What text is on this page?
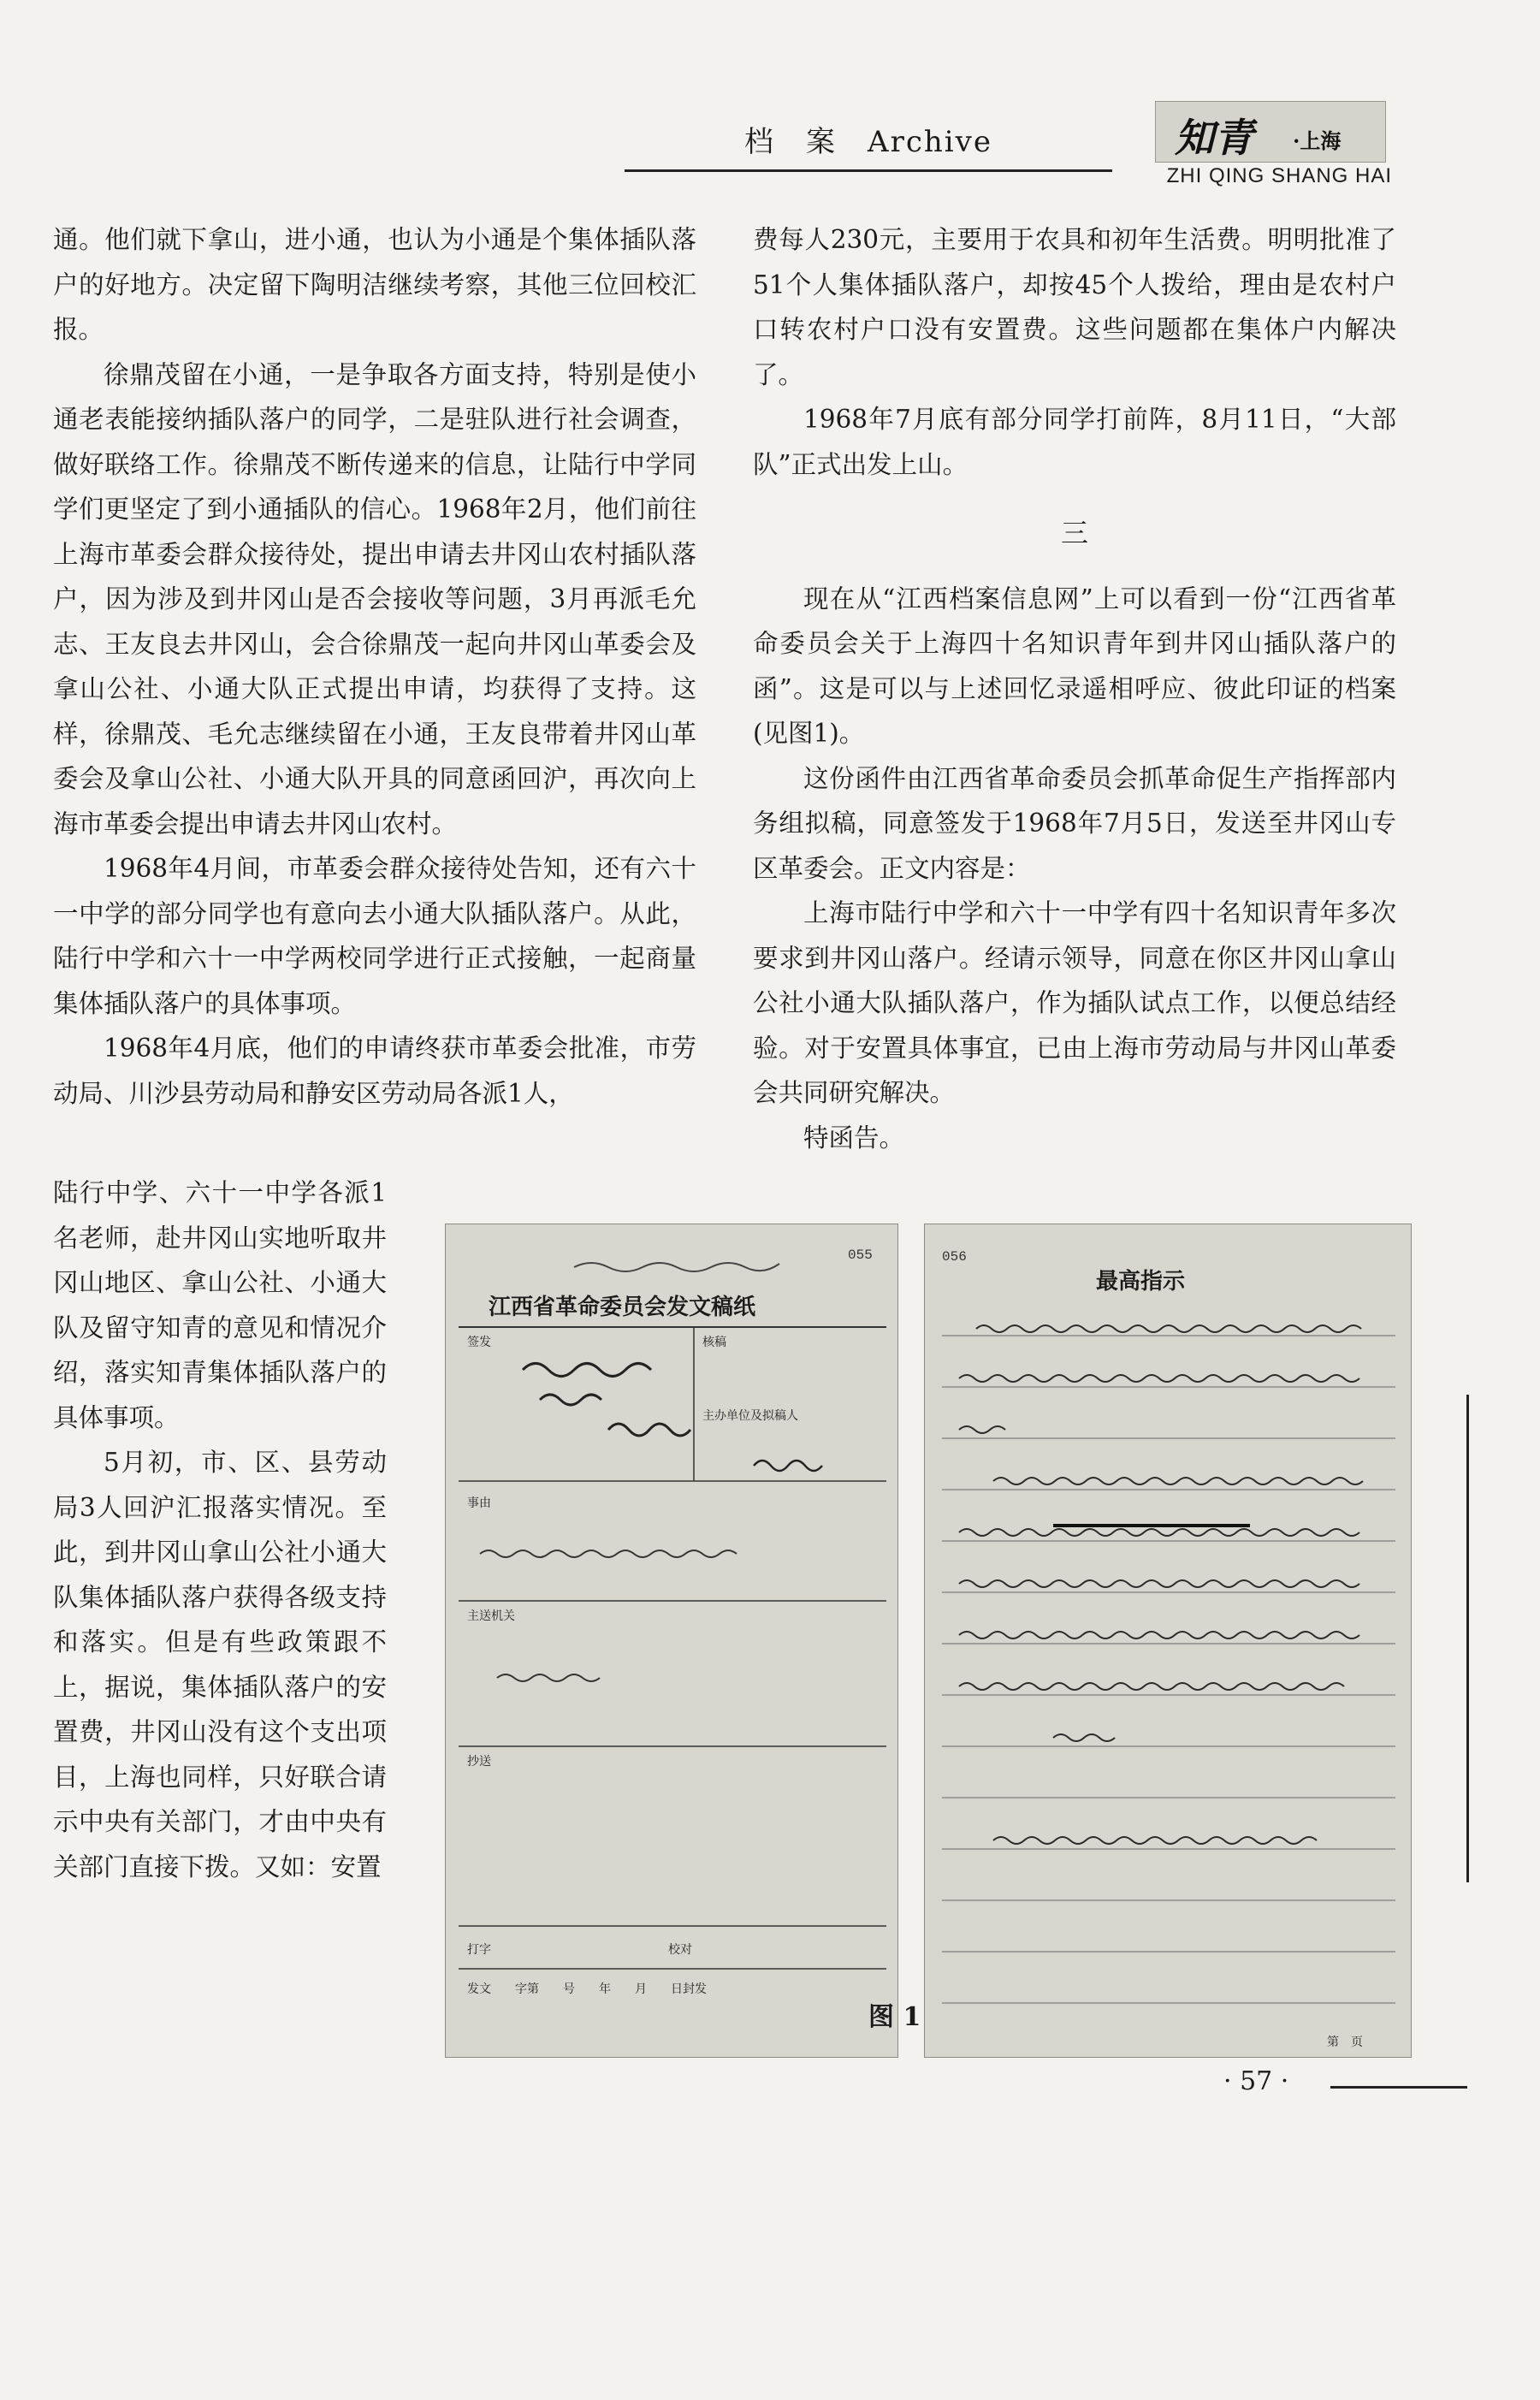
档　案　Archive	知青 ·上海
ZHI QING SHANG HAI

通。他们就下拿山，进小通，也认为小通是个集体插队落户的好地方。决定留下陶明洁继续考察，其他三位回校汇报。

徐鼎茂留在小通，一是争取各方面支持，特别是使小通老表能接纳插队落户的同学，二是驻队进行社会调查，做好联络工作。徐鼎茂不断传递来的信息，让陆行中学同学们更坚定了到小通插队的信心。1968年2月，他们前往上海市革委会群众接待处，提出申请去井冈山农村插队落户，因为涉及到井冈山是否会接收等问题，3月再派毛允志、王友良去井冈山，会合徐鼎茂一起向井冈山革委会及拿山公社、小通大队正式提出申请，均获得了支持。这样，徐鼎茂、毛允志继续留在小通，王友良带着井冈山革委会及拿山公社、小通大队开具的同意函回沪，再次向上海市革委会提出申请去井冈山农村。

1968年4月间，市革委会群众接待处告知，还有六十一中学的部分同学也有意向去小通大队插队落户。从此，陆行中学和六十一中学两校同学进行正式接触，一起商量集体插队落户的具体事项。

1968年4月底，他们的申请终获市革委会批准，市劳动局、川沙县劳动局和静安区劳动局各派1人，

陆行中学、六十一中学各派1名老师，赴井冈山实地听取井冈山地区、拿山公社、小通大队及留守知青的意见和情况介绍，落实知青集体插队落户的具体事项。

5月初，市、区、县劳动局3人回沪汇报落实情况。至此，到井冈山拿山公社小通大队集体插队落户获得各级支持和落实。但是有些政策跟不上，据说，集体插队落户的安置费，井冈山没有这个支出项目，上海也同样，只好联合请示中央有关部门，才由中央有关部门直接下拨。又如：安置

费每人230元，主要用于农具和初年生活费。明明批准了51个人集体插队落户，却按45个人拨给，理由是农村户口转农村户口没有安置费。这些问题都在集体户内解决了。

1968年7月底有部分同学打前阵，8月11日，“大部队”正式出发上山。

三

现在从“江西档案信息网”上可以看到一份“江西省革命委员会关于上海四十名知识青年到井冈山插队落户的函”。这是可以与上述回忆录遥相呼应、彼此印证的档案(见图1)。

这份函件由江西省革命委员会抓革命促生产指挥部内务组拟稿，同意签发于1968年7月5日，发送至井冈山专区革委会。正文内容是：

上海市陆行中学和六十一中学有四十名知识青年多次要求到井冈山落户。经请示领导，同意在你区井冈山拿山公社小通大队插队落户，作为插队试点工作，以便总结经验。对于安置具体事宜，已由上海市劳动局与井冈山革委会共同研究解决。

特函告。

055
江西省革命委员会发文稿纸
签发	核稿
主办单位及拟稿人
事由
主送机关
抄送
打字	校对
发文　　字第　　号　　年　　月　　日封发
056
最高指示
第　页
图 1
· 57 ·
